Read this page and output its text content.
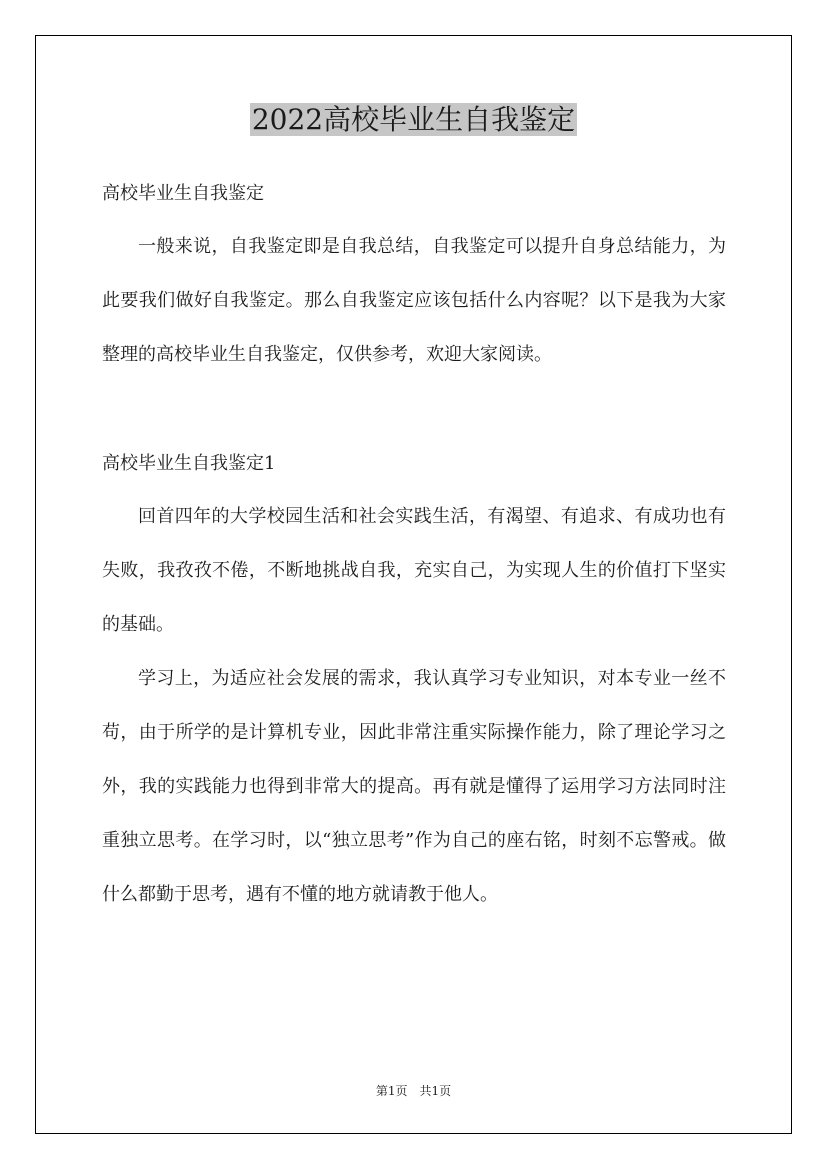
2022高校毕业生自我鉴定
高校毕业生自我鉴定

一般来说，自我鉴定即是自我总结，自我鉴定可以提升自身总结能力，为此要我们做好自我鉴定。那么自我鉴定应该包括什么内容呢？以下是我为大家整理的高校毕业生自我鉴定，仅供参考，欢迎大家阅读。

高校毕业生自我鉴定1

回首四年的大学校园生活和社会实践生活，有渴望、有追求、有成功也有失败，我孜孜不倦，不断地挑战自我，充实自己，为实现人生的价值打下坚实的基础。

学习上，为适应社会发展的需求，我认真学习专业知识，对本专业一丝不苟，由于所学的是计算机专业，因此非常注重实际操作能力，除了理论学习之外，我的实践能力也得到非常大的提高。再有就是懂得了运用学习方法同时注重独立思考。在学习时，以“独立思考”作为自己的座右铭，时刻不忘警戒。做什么都勤于思考，遇有不懂的地方就请教于他人。

第1页 共1页
